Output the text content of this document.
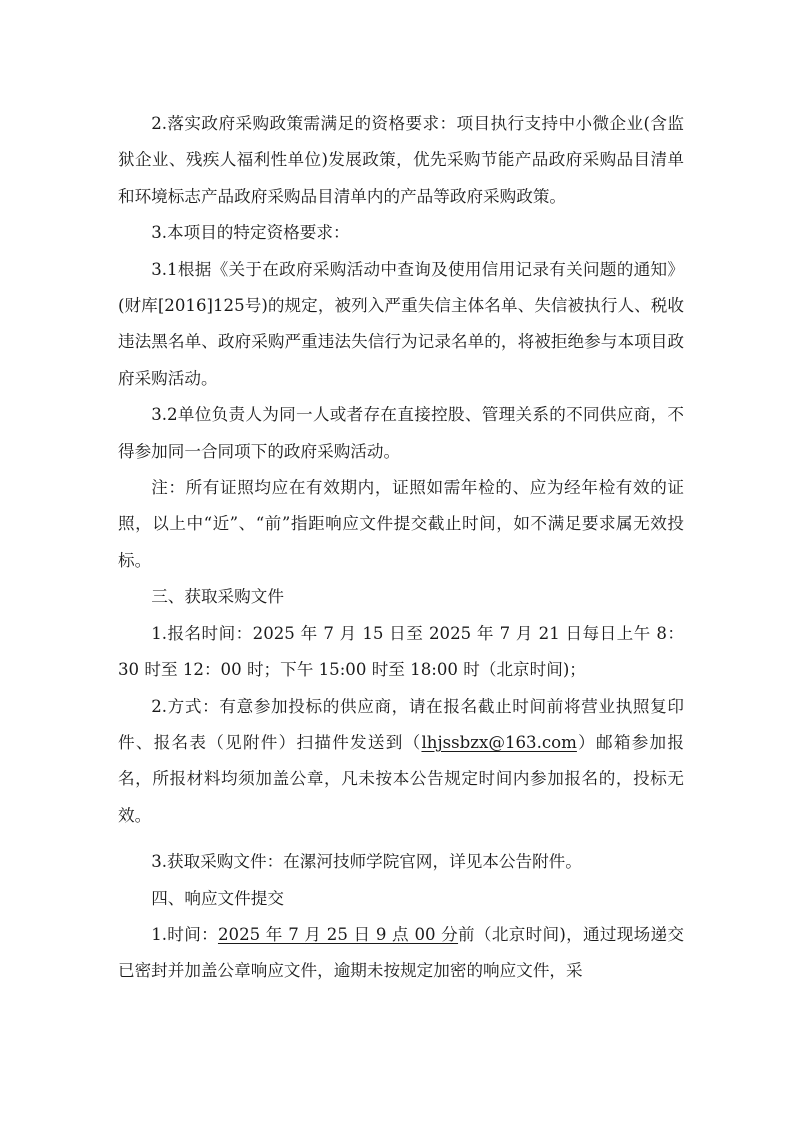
2.落实政府采购政策需满足的资格要求：项目执行支持中小微企业(含监狱企业、残疾人福利性单位)发展政策，优先采购节能产品政府采购品目清单和环境标志产品政府采购品目清单内的产品等政府采购政策。

3.本项目的特定资格要求：

3.1根据《关于在政府采购活动中查询及使用信用记录有关问题的通知》(财库[2016]125号)的规定，被列入严重失信主体名单、失信被执行人、税收违法黑名单、政府采购严重违法失信行为记录名单的，将被拒绝参与本项目政府采购活动。

3.2单位负责人为同一人或者存在直接控股、管理关系的不同供应商，不得参加同一合同项下的政府采购活动。

注：所有证照均应在有效期内，证照如需年检的、应为经年检有效的证照，以上中“近”、“前”指距响应文件提交截止时间，如不满足要求属无效投标。

三、获取采购文件

1.报名时间：2025 年 7 月 15 日至 2025 年 7 月 21 日每日上午 8：30 时至 12：00 时；下午 15:00 时至 18:00 时（北京时间)；

2.方式：有意参加投标的供应商，请在报名截止时间前将营业执照复印件、报名表（见附件）扫描件发送到（lhjssbzx@163.com）邮箱参加报名，所报材料均须加盖公章，凡未按本公告规定时间内参加报名的，投标无效。

3.获取采购文件：在漯河技师学院官网，详见本公告附件。

四、响应文件提交

1.时间：2025 年 7 月 25 日 9 点 00 分前（北京时间)，通过现场递交已密封并加盖公章响应文件，逾期未按规定加密的响应文件，采
